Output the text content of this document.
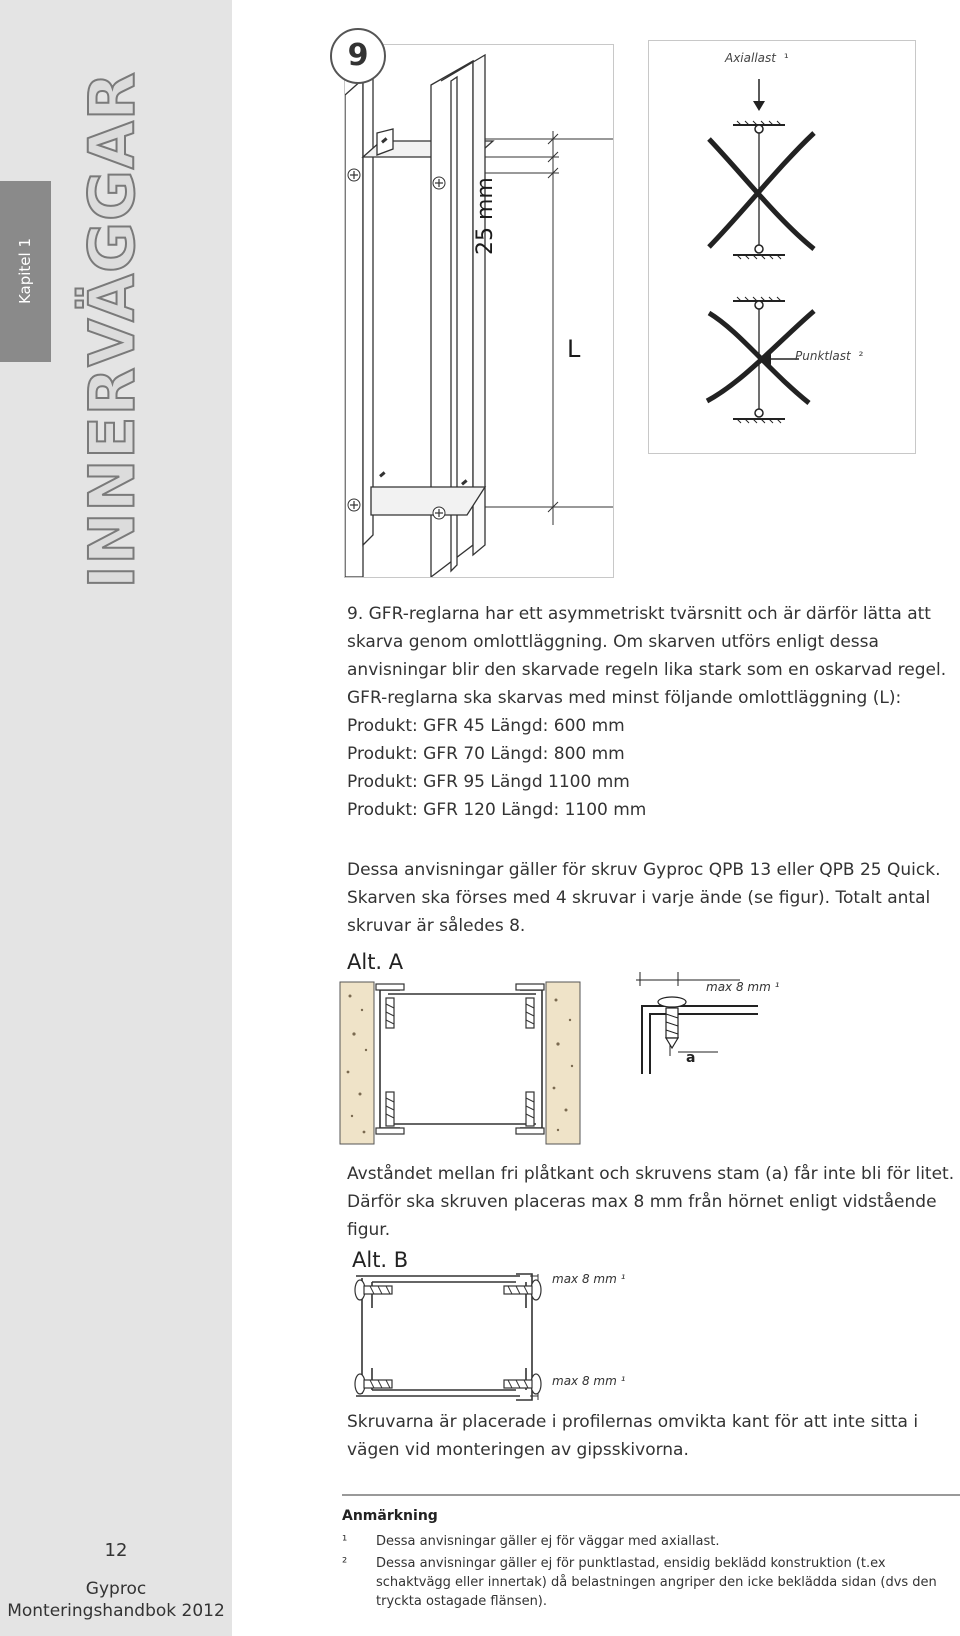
Kapitel 1 INNERVÄGGAR
12
Gyproc
Monteringshandbok 2012
25 mm
L
9	Axiallast ¹
Punktlast ²

9. GFR-reglarna har ett asymmetriskt tvärsnitt och är därför lätta att skarva genom omlottläggning. Om skarven utförs enligt dessa anvisningar blir den skarvade regeln lika stark som en oskarvad regel. GFR-reglarna ska skarvas med minst följande omlottläggning (L):

Produkt: GFR 45 Längd: 600 mm

Produkt: GFR 70 Längd: 800 mm

Produkt: GFR 95 Längd 1100 mm

Produkt: GFR 120 Längd: 1100 mm

Dessa anvisningar gäller för skruv Gyproc QPB 13 eller QPB 25 Quick. Skarven ska förses med 4 skruvar i varje ände (se figur). Totalt antal skruvar är således 8.

Alt. A
max 8 mm ¹
a

Avståndet mellan fri plåtkant och skruvens stam (a) får inte bli för litet. Därför ska skruven placeras max 8 mm från hörnet enligt vidstående figur.

Alt. B
max 8 mm ¹
max 8 mm ¹

Skruvarna är placerade i profilernas omvikta kant för att inte sitta i vägen vid monteringen av gipsskivorna.

Anmärkning
¹ Dessa anvisningar gäller ej för väggar med axiallast.
² Dessa anvisningar gäller ej för punktlastad, ensidig beklädd konstruktion (t.ex schaktvägg eller innertak) då belastningen angriper den icke beklädda sidan (dvs den tryckta ostagade flänsen).
